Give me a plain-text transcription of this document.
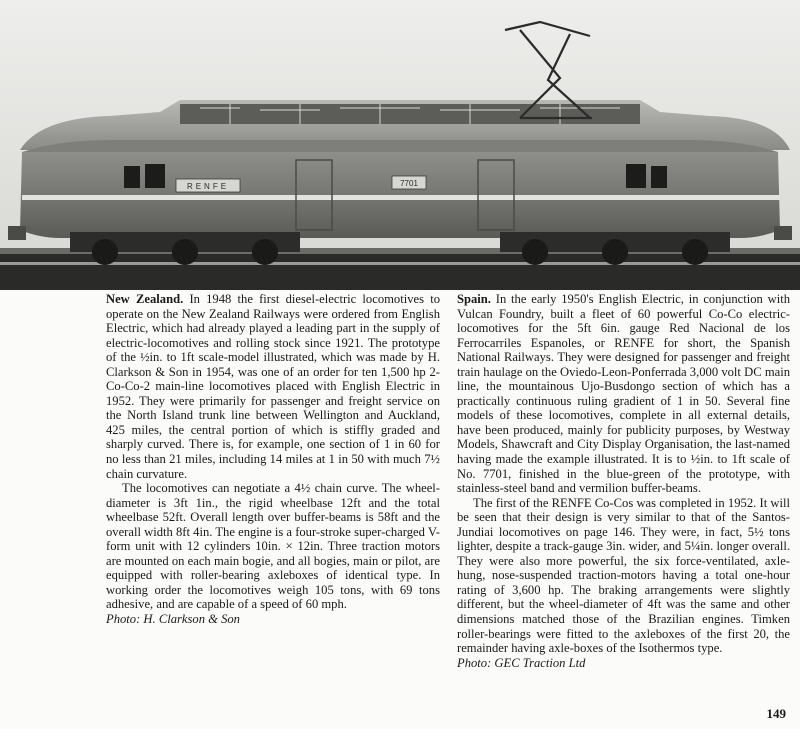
RENFE	7701

New Zealand. In 1948 the first diesel-electric locomotives to operate on the New Zealand Railways were ordered from English Electric, which had already played a leading part in the supply of electric-locomotives and rolling stock since 1921. The prototype of the ½in. to 1ft scale-model illustrated, which was made by H. Clarkson & Son in 1954, was one of an order for ten 1,500 hp 2-Co-Co-2 main-line locomotives placed with English Electric in 1952. They were primarily for passenger and freight service on the North Island trunk line between Wellington and Auckland, 425 miles, the central portion of which is stiffly graded and sharply curved. There is, for example, one section of 1 in 60 for no less than 21 miles, including 14 miles at 1 in 50 with much 7½ chain curvature.

The locomotives can negotiate a 4½ chain curve. The wheel-diameter is 3ft 1in., the rigid wheelbase 12ft and the total wheelbase 52ft. Overall length over buffer-beams is 58ft and the overall width 8ft 4in. The engine is a four-stroke super-charged V-form unit with 12 cylinders 10in. × 12in. Three traction motors are mounted on each main bogie, and all bogies, main or pilot, are equipped with roller-bearing axleboxes of identical type. In working order the locomotives weigh 105 tons, with 69 tons adhesive, and are capable of a speed of 60 mph.

Photo: H. Clarkson & Son

Spain. In the early 1950's English Electric, in conjunction with Vulcan Foundry, built a fleet of 60 powerful Co-Co electric-locomotives for the 5ft 6in. gauge Red Nacional de los Ferrocarriles Espanoles, or RENFE for short, the Spanish National Railways. They were designed for passenger and freight train haulage on the Oviedo-Leon-Ponferrada 3,000 volt DC main line, the mountainous Ujo-Busdongo section of which has a practically continuous ruling gradient of 1 in 50. Several fine models of these locomotives, complete in all external details, have been produced, mainly for publicity purposes, by Westway Models, Shawcraft and City Display Organisation, the last-named having made the example illustrated. It is to ½in. to 1ft scale of No. 7701, finished in the blue-green of the prototype, with stainless-steel band and vermilion buffer-beams.

The first of the RENFE Co-Cos was completed in 1952. It will be seen that their design is very similar to that of the Santos-Jundiai locomotives on page 146. They were, in fact, 5½ tons lighter, despite a track-gauge 3in. wider, and 5¼in. longer overall. They were also more powerful, the six force-ventilated, axle-hung, nose-suspended traction-motors having a total one-hour rating of 3,600 hp. The braking arrangements were slightly different, but the wheel-diameter of 4ft was the same and other dimensions matched those of the Brazilian engines. Timken roller-bearings were fitted to the axleboxes of the first 20, the remainder having axle-boxes of the Isothermos type.

Photo: GEC Traction Ltd

149
